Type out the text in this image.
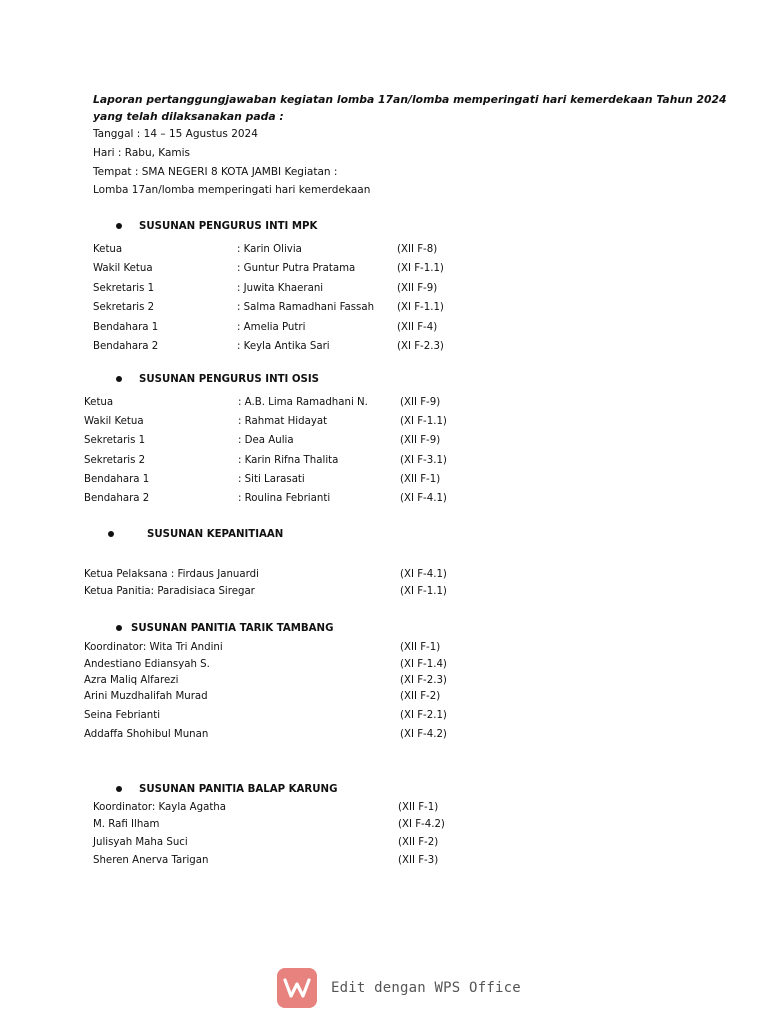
Laporan pertanggungjawaban kegiatan lomba 17an/lomba memperingati hari kemerdekaan Tahun 2024
yang telah dilaksanakan pada :
Tanggal : 14 – 15 Agustus 2024
Hari : Rabu, Kamis
Tempat : SMA NEGERI 8 KOTA JAMBI Kegiatan :
Lomba 17an/lomba memperingati hari kemerdekaan
SUSUNAN PENGURUS INTI MPK
Ketua	: Karin Olivia	(XII F-8)
Wakil Ketua	: Guntur Putra Pratama	(XI F-1.1)
Sekretaris 1	: Juwita Khaerani	(XII F-9)
Sekretaris 2	: Salma Ramadhani Fassah (XI F-1.1)
Bendahara 1	: Amelia Putri	(XII F-4)
Bendahara 2	: Keyla Antika Sari	(XI F-2.3)
SUSUNAN PENGURUS INTI OSIS
Ketua	: A.B. Lima Ramadhani N.	(XII F-9)
Wakil Ketua	: Rahmat Hidayat	(XI F-1.1)
Sekretaris 1	: Dea Aulia	(XII F-9)
Sekretaris 2	: Karin Rifna Thalita	(XI F-3.1)
Bendahara 1	: Siti Larasati	(XII F-1)
Bendahara 2	: Roulina Febrianti	(XI F-4.1)
SUSUNAN KEPANITIAAN
Ketua Pelaksana : Firdaus Januardi	(XI F-4.1)
Ketua Panitia: Paradisiaca Siregar	(XI F-1.1)
SUSUNAN PANITIA TARIK TAMBANG
Koordinator: Wita Tri Andini	(XII F-1)
Andestiano Ediansyah S.	(XI F-1.4)
Azra Maliq Alfarezi	(XI F-2.3)
Arini Muzdhalifah Murad	(XII F-2)
Seina Febrianti	(XI F-2.1)
Addaffa Shohibul Munan	(XI F-4.2)
SUSUNAN PANITIA BALAP KARUNG
Koordinator: Kayla Agatha	(XII F-1)
M. Rafi Ilham	(XI F-4.2)
Julisyah Maha Suci	(XII F-2)
Sheren Anerva Tarigan	(XII F-3)
Edit dengan WPS Office
